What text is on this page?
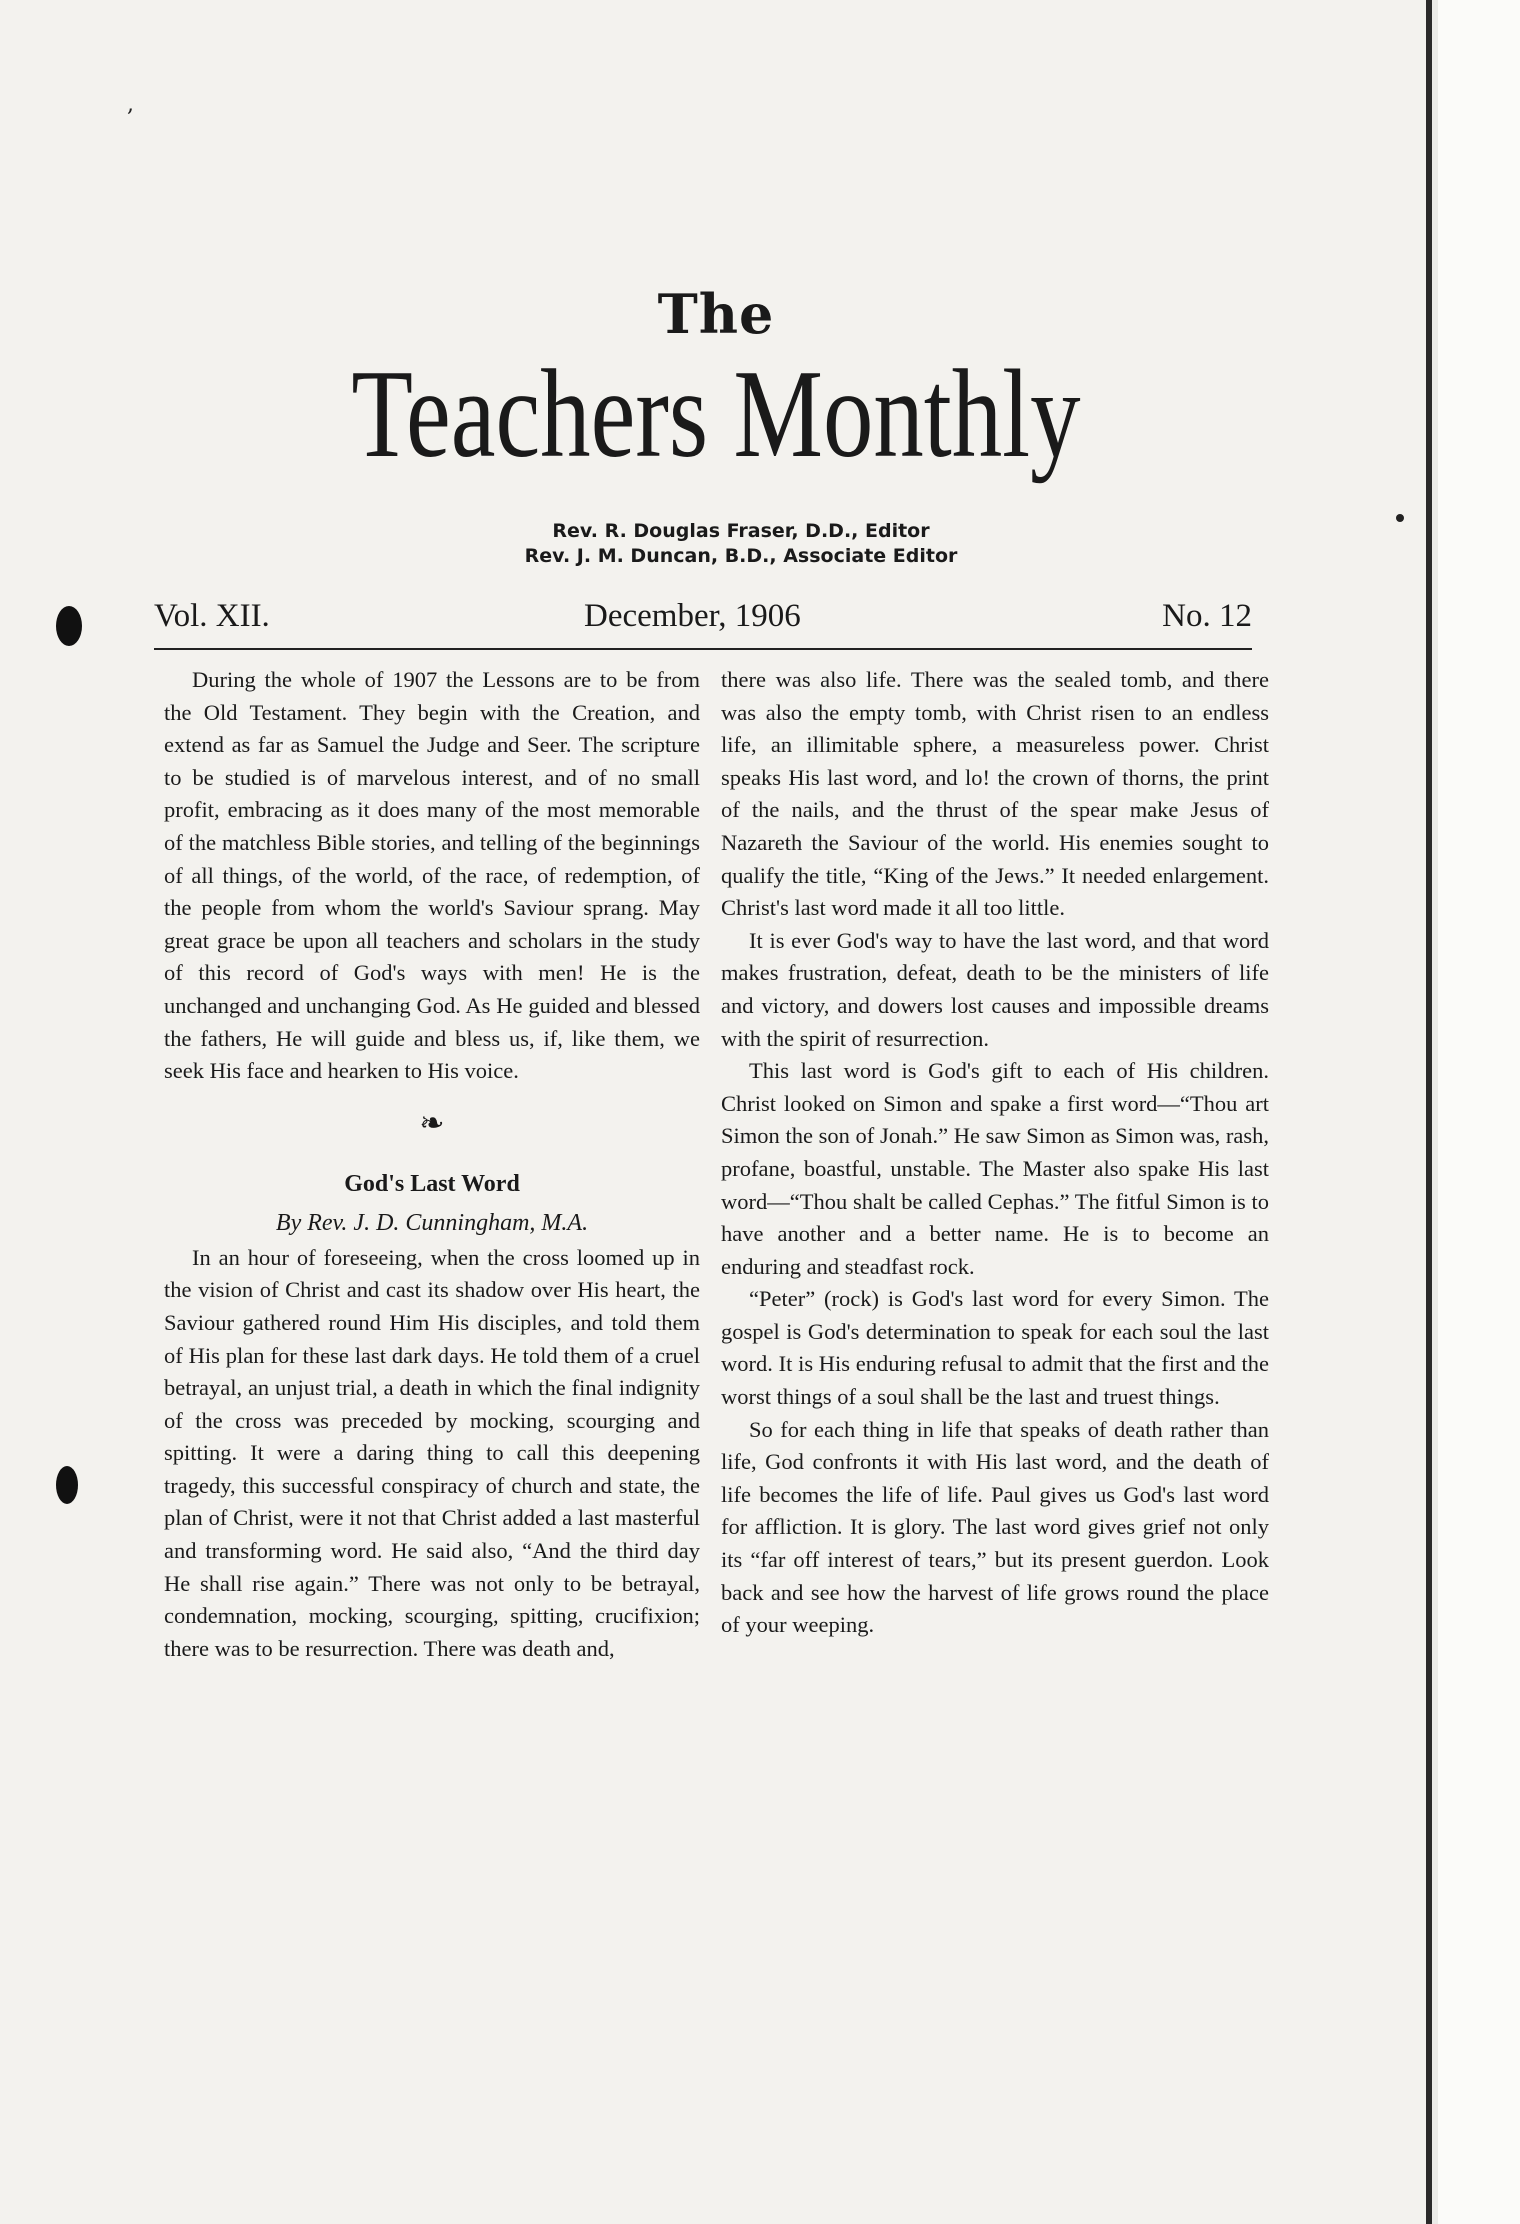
,
The
Teachers Monthly
Rev. R. Douglas Fraser, D.D., Editor
Rev. J. M. Duncan, B.D., Associate Editor
Vol. XII.	December, 1906	No. 12

During the whole of 1907 the Lessons are to be from the Old Testament. They begin with the Creation, and extend as far as Samuel the Judge and Seer. The scripture to be studied is of marvelous interest, and of no small profit, embracing as it does many of the most memorable of the matchless Bible stories, and telling of the beginnings of all things, of the world, of the race, of redemption, of the people from whom the world's Saviour sprang. May great grace be upon all teachers and scholars in the study of this record of God's ways with men! He is the unchanged and unchanging God. As He guided and blessed the fathers, He will guide and bless us, if, like them, we seek His face and hearken to His voice.

❧
God's Last Word
By Rev. J. D. Cunningham, M.A.

In an hour of foreseeing, when the cross loomed up in the vision of Christ and cast its shadow over His heart, the Saviour gathered round Him His disciples, and told them of His plan for these last dark days. He told them of a cruel betrayal, an unjust trial, a death in which the final indignity of the cross was preceded by mocking, scourging and spitting. It were a daring thing to call this deepening tragedy, this successful conspiracy of church and state, the plan of Christ, were it not that Christ added a last masterful and transforming word. He said also, “And the third day He shall rise again.” There was not only to be betrayal, condemnation, mocking, scourging, spitting, crucifixion; there was to be resurrection. There was death and,

there was also life. There was the sealed tomb, and there was also the empty tomb, with Christ risen to an endless life, an illimitable sphere, a measureless power. Christ speaks His last word, and lo! the crown of thorns, the print of the nails, and the thrust of the spear make Jesus of Nazareth the Saviour of the world. His enemies sought to qualify the title, “King of the Jews.” It needed enlargement. Christ's last word made it all too little.

It is ever God's way to have the last word, and that word makes frustration, defeat, death to be the ministers of life and victory, and dowers lost causes and impossible dreams with the spirit of resurrection.

This last word is God's gift to each of His children. Christ looked on Simon and spake a first word—“Thou art Simon the son of Jonah.” He saw Simon as Simon was, rash, profane, boastful, unstable. The Master also spake His last word—“Thou shalt be called Cephas.” The fitful Simon is to have another and a better name. He is to become an enduring and steadfast rock.

“Peter” (rock) is God's last word for every Simon. The gospel is God's determination to speak for each soul the last word. It is His enduring refusal to admit that the first and the worst things of a soul shall be the last and truest things.

So for each thing in life that speaks of death rather than life, God confronts it with His last word, and the death of life becomes the life of life. Paul gives us God's last word for affliction. It is glory. The last word gives grief not only its “far off interest of tears,” but its present guerdon. Look back and see how the harvest of life grows round the place of your weeping.
